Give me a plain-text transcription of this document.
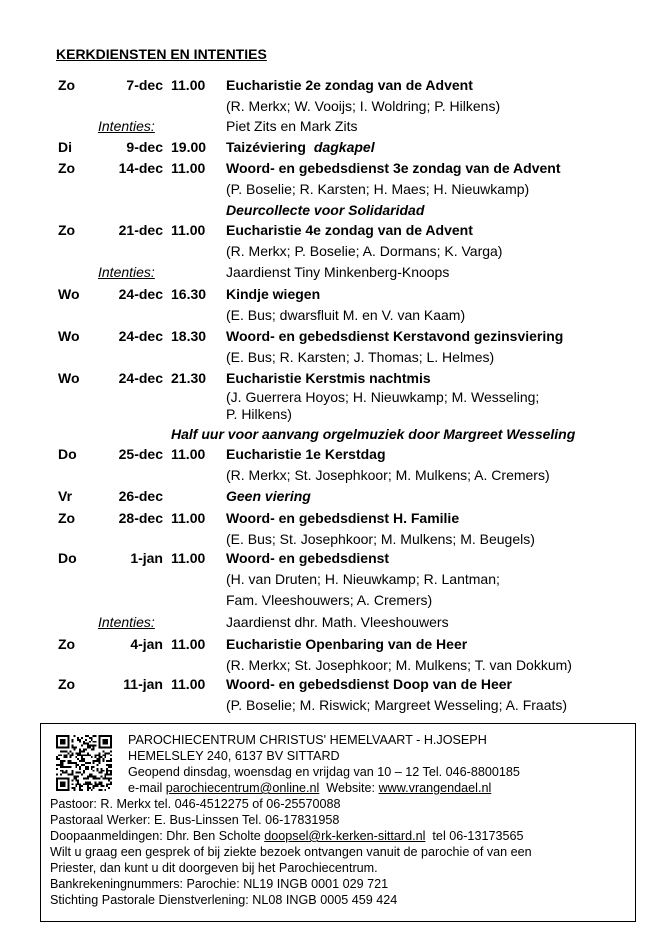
KERKDIENSTEN EN INTENTIES
Zo	7-dec 11.00 Eucharistie 2e zondag van de Advent
(R. Merkx; W. Vooijs; I. Woldring; P. Hilkens)
Intenties:	Piet Zits en Mark Zits
Di	9-dec 19.00 Taizéviering dagkapel
Zo	14-dec 11.00 Woord- en gebedsdienst 3e zondag van de Advent
(P. Boselie; R. Karsten; H. Maes; H. Nieuwkamp)
Deurcollecte voor Solidaridad
Zo	21-dec 11.00 Eucharistie 4e zondag van de Advent
(R. Merkx; P. Boselie; A. Dormans; K. Varga)
Intenties:	Jaardienst Tiny Minkenberg-Knoops
Wo	24-dec 16.30 Kindje wiegen
(E. Bus; dwarsfluit M. en V. van Kaam)
Wo	24-dec 18.30 Woord- en gebedsdienst Kerstavond gezinsviering
(E. Bus; R. Karsten; J. Thomas; L. Helmes)
Wo	24-dec 21.30 Eucharistie Kerstmis nachtmis
(J. Guerrera Hoyos; H. Nieuwkamp; M. Wesseling;
P. Hilkens)
Half uur voor aanvang orgelmuziek door Margreet Wesseling
Do	25-dec 11.00 Eucharistie 1e Kerstdag
(R. Merkx; St. Josephkoor; M. Mulkens; A. Cremers)
Vr	26-dec	Geen viering
Zo	28-dec 11.00 Woord- en gebedsdienst H. Familie
(E. Bus; St. Josephkoor; M. Mulkens; M. Beugels)
Do	1-jan 11.00 Woord- en gebedsdienst
(H. van Druten; H. Nieuwkamp; R. Lantman;
Fam. Vleeshouwers; A. Cremers)
Intenties:	Jaardienst dhr. Math. Vleeshouwers
Zo	4-jan 11.00 Eucharistie Openbaring van de Heer
(R. Merkx; St. Josephkoor; M. Mulkens; T. van Dokkum)
Zo	11-jan 11.00 Woord- en gebedsdienst Doop van de Heer
(P. Boselie; M. Riswick; Margreet Wesseling; A. Fraats)
PAROCHIECENTRUM CHRISTUS' HEMELVAART - H.JOSEPH
HEMELSLEY 240, 6137 BV SITTARD
Geopend dinsdag, woensdag en vrijdag van 10 – 12 Tel. 046-8800185
e-mail parochiecentrum@online.nl  Website: www.vrangendael.nl
Pastoor: R. Merkx tel. 046-4512275 of 06-25570088
Pastoraal Werker: E. Bus-Linssen Tel. 06-17831958
Doopaanmeldingen: Dhr. Ben Scholte doopsel@rk-kerken-sittard.nl  tel 06-13173565
Wilt u graag een gesprek of bij ziekte bezoek ontvangen vanuit de parochie of van een
Priester, dan kunt u dit doorgeven bij het Parochiecentrum.
Bankrekeningnummers: Parochie: NL19 INGB 0001 029 721
Stichting Pastorale Dienstverlening: NL08 INGB 0005 459 424
